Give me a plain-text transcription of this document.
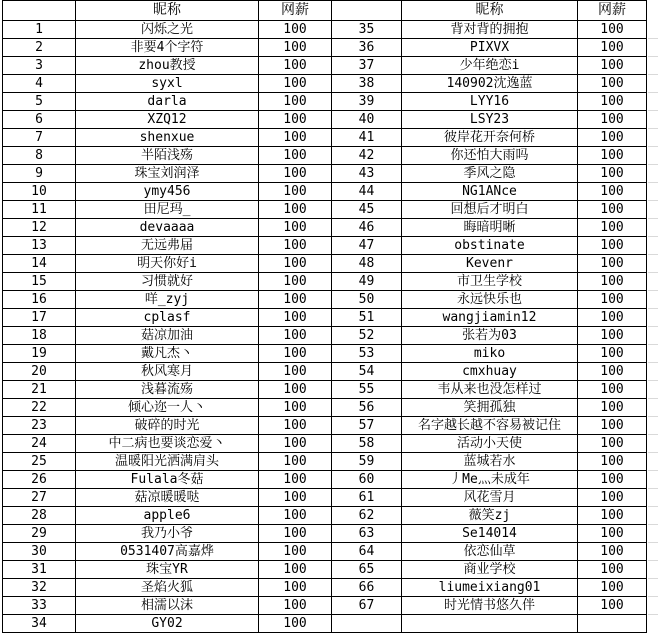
	昵称	网薪		昵称	网薪
1	闪烁之光	100	35	背对背的拥抱	100
2	非要4个字符	100	36	PIXVX	100
3	zhou教授	100	37	少年绝恋i	100
4	syxl	100	38	140902沈逸蓝	100
5	darla	100	39	LYY16	100
6	XZQ12	100	40	LSY23	100
7	shenxue	100	41	彼岸花开奈何桥	100
8	半陌浅殇	100	42	你还怕大雨吗	100
9	珠宝刘润泽	100	43	季风之隐	100
10	ymy456	100	44	NG1ANce	100
11	田尼玛_	100	45	回想后才明白	100
12	devaaaa	100	46	晦暗明晰	100
13	无远弗届	100	47	obstinate	100
14	明天你好i	100	48	Kevenr	100
15	习惯就好	100	49	市卫生学校	100
16	咩_zyj	100	50	永远快乐也	100
17	cplasf	100	51	wangjiamin12	100
18	菇凉加油	100	52	张若为03	100
19	戴凡杰丶	100	53	miko	100
20	秋风寒月	100	54	cmxhuay	100
21	浅暮流殇	100	55	韦从来也没怎样过	100
22	倾心迩一人丶	100	56	笑拥孤独	100
23	破碎的时光	100	57	名字越长越不容易被记住	100
24	中二病也要谈恋爱丶	100	58	活动小天使	100
25	温暖阳光洒满肩头	100	59	蓝城若水	100
26	Fulala冬菇	100	60	丿Me灬未成年	100
27	菇凉暖暖哒	100	61	风花雪月	100
28	apple6	100	62	薇笑zj	100
29	我乃小爷	100	63	Se14014	100
30	0531407高嘉烨	100	64	依恋仙草	100
31	珠宝YR	100	65	商业学校	100
32	圣焰火狐	100	66	liumeixiang01	100
33	相濡以沫	100	67	时光情书悠久伴	100
34	GY02	100			
